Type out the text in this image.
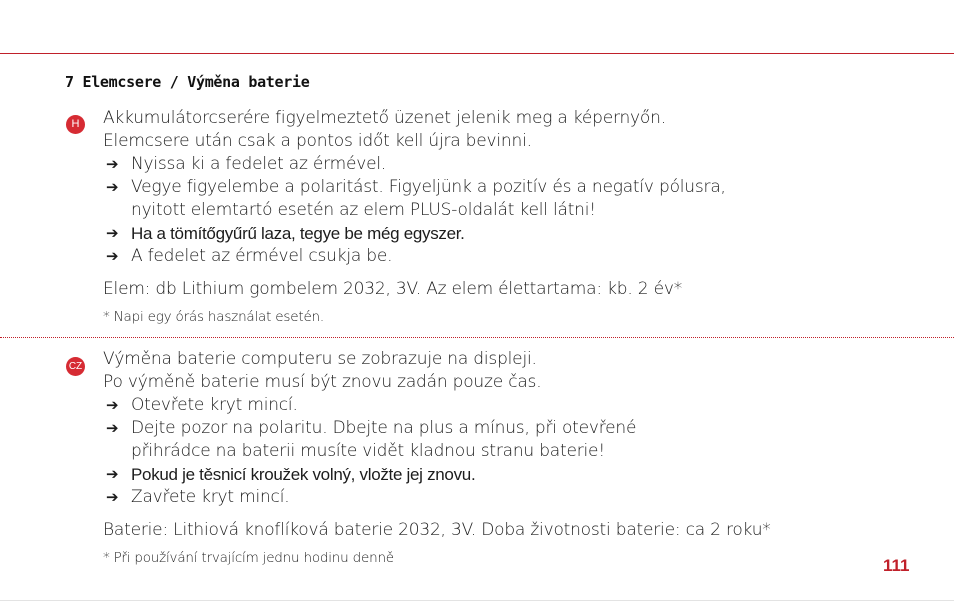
7 Elemcsere / Výměna baterie
H	Akkumulátorcserére figyelmeztető üzenet jelenik meg a képernyőn.
Elemcsere után csak a pontos időt kell újra bevinni.
➔ Nyissa ki a fedelet az érmével.
➔ Vegye figyelembe a polaritást. Figyeljünk a pozitív és a negatív pólusra,
nyitott elemtartó esetén az elem PLUS-oldalát kell látni!
➔ Ha a tömítőgyűrű laza, tegye be még egyszer.
➔ A fedelet az érmével csukja be.
Elem: db Lithium gombelem 2032, 3V. Az elem élettartama: kb. 2 év*
* Napi egy órás használat esetén.
CZ Výměna baterie computeru se zobrazuje na displeji.
Po výměně baterie musí být znovu zadán pouze čas.
➔ Otevřete kryt mincí.
➔ Dejte pozor na polaritu. Dbejte na plus a mínus, při otevřené
přihrádce na baterii musíte vidět kladnou stranu baterie!
➔ Pokud je těsnicí kroužek volný, vložte jej znovu.
➔ Zavřete kryt mincí.
Baterie: Lithiová knoflíková baterie 2032, 3V. Doba životnosti baterie: ca 2 roku*
* Při používání trvajícím jednu hodinu denně	111
